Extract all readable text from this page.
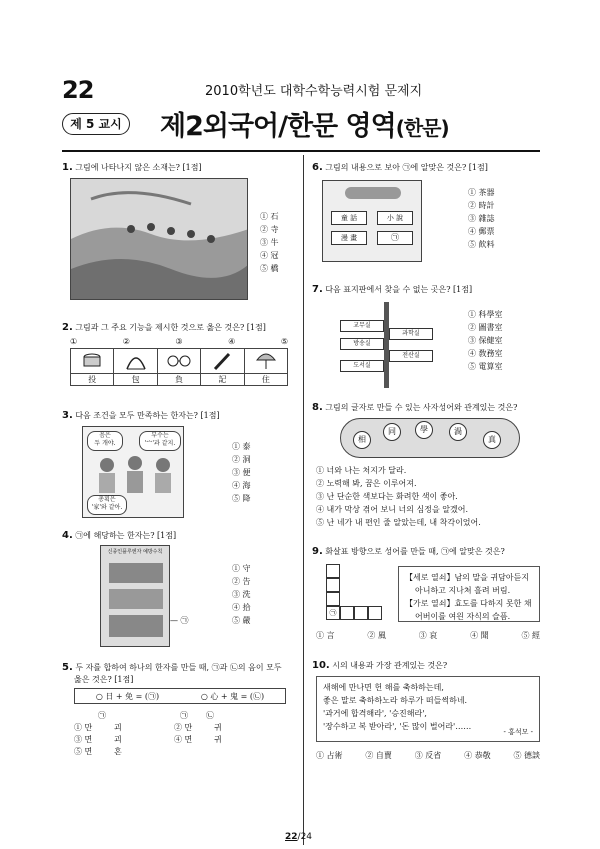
22	2010학년도 대학수학능력시험 문제지
제 5 교시	제2외국어/한문 영역(한문)
1. 그림에 나타나지 않은 소재는? [1점]
① 石
② 寺
③ 牛
④ 冠
⑤ 橋
2. 그림과 그 주요 기능을 제시한 것으로 옳은 것은? [1점]
①	②	③	④	⑤
投	包	負	記	住
3. 다음 조건을 모두 만족하는 한자는? [1점]
음은
두 개야.
부수는
'宀'과 같지.
총획은
'家'와 같아.
① 泰
② 洞
③ 便
④ 海
⑤ 降
4. ㉠에 해당하는 한자는? [1점]
신종인플루엔자 예방수칙
— ㉠
① 守
② 告
③ 洗
④ 拾
⑤ 嚴
5. 두 자를 합하여 하나의 한자를 만들 때, ㉠과 ㉡의 음이 모두
옳은 것은? [1점]
○ 日 + 免 = (㉠)	○ 心 + 鬼 = (㉡)
㉠	㉠	㉡
① 만	괴	② 만	귀
③ 면	괴	④ 면	귀
⑤ 면	혼
6. 그림의 내용으로 보아 ㉠에 알맞은 것은? [1점]
童 話	小 說
漫 畫	㉠
① 茶器
② 時計
③ 雜誌
④ 郵票
⑤ 飮料
7. 다음 표지판에서 찾을 수 없는 곳은? [1점]
교무실
과학실
방송실
전산실
도서실
① 科學室
② 圖書室
③ 保健室
④ 敎務室
⑤ 電算室
8. 그림의 글자로 만들 수 있는 사자성어와 관계있는 것은?
相
同	學	渦
真
① 너와 나는 처지가 달라.
② 노력해 봐, 꿈은 이루어져.
③ 난 단순한 색보다는 화려한 색이 좋아.
④ 내가 막상 겪어 보니 너의 심정을 알겠어.
⑤ 난 네가 내 편인 줄 알았는데, 내 착각이었어.
9. 화살표 방향으로 성어를 만들 때, ㉠에 알맞은 것은?
㉠
【세로 열쇠】남의 말을 귀담아듣지
아니하고 지나쳐 흘려 버림.
【가로 열쇠】효도를 다하지 못한 채
어버이를 여읜 자식의 슬픔.
① 言	② 風	③ 哀	④ 聞	⑤ 經
10. 시의 내용과 가장 관계있는 것은?
새해에 만나면 헌 해를 축하하는데,
좋은 말로 축하하노라 하루가 떠들썩하네.
'과거에 합격해라', '승진해라',
'장수하고 복 받아라', '돈 많이 벌어라'……
- 홍석모 -
① 占術	② 自賣	③ 反省	④ 恭敬	⑤ 德談
22/24
